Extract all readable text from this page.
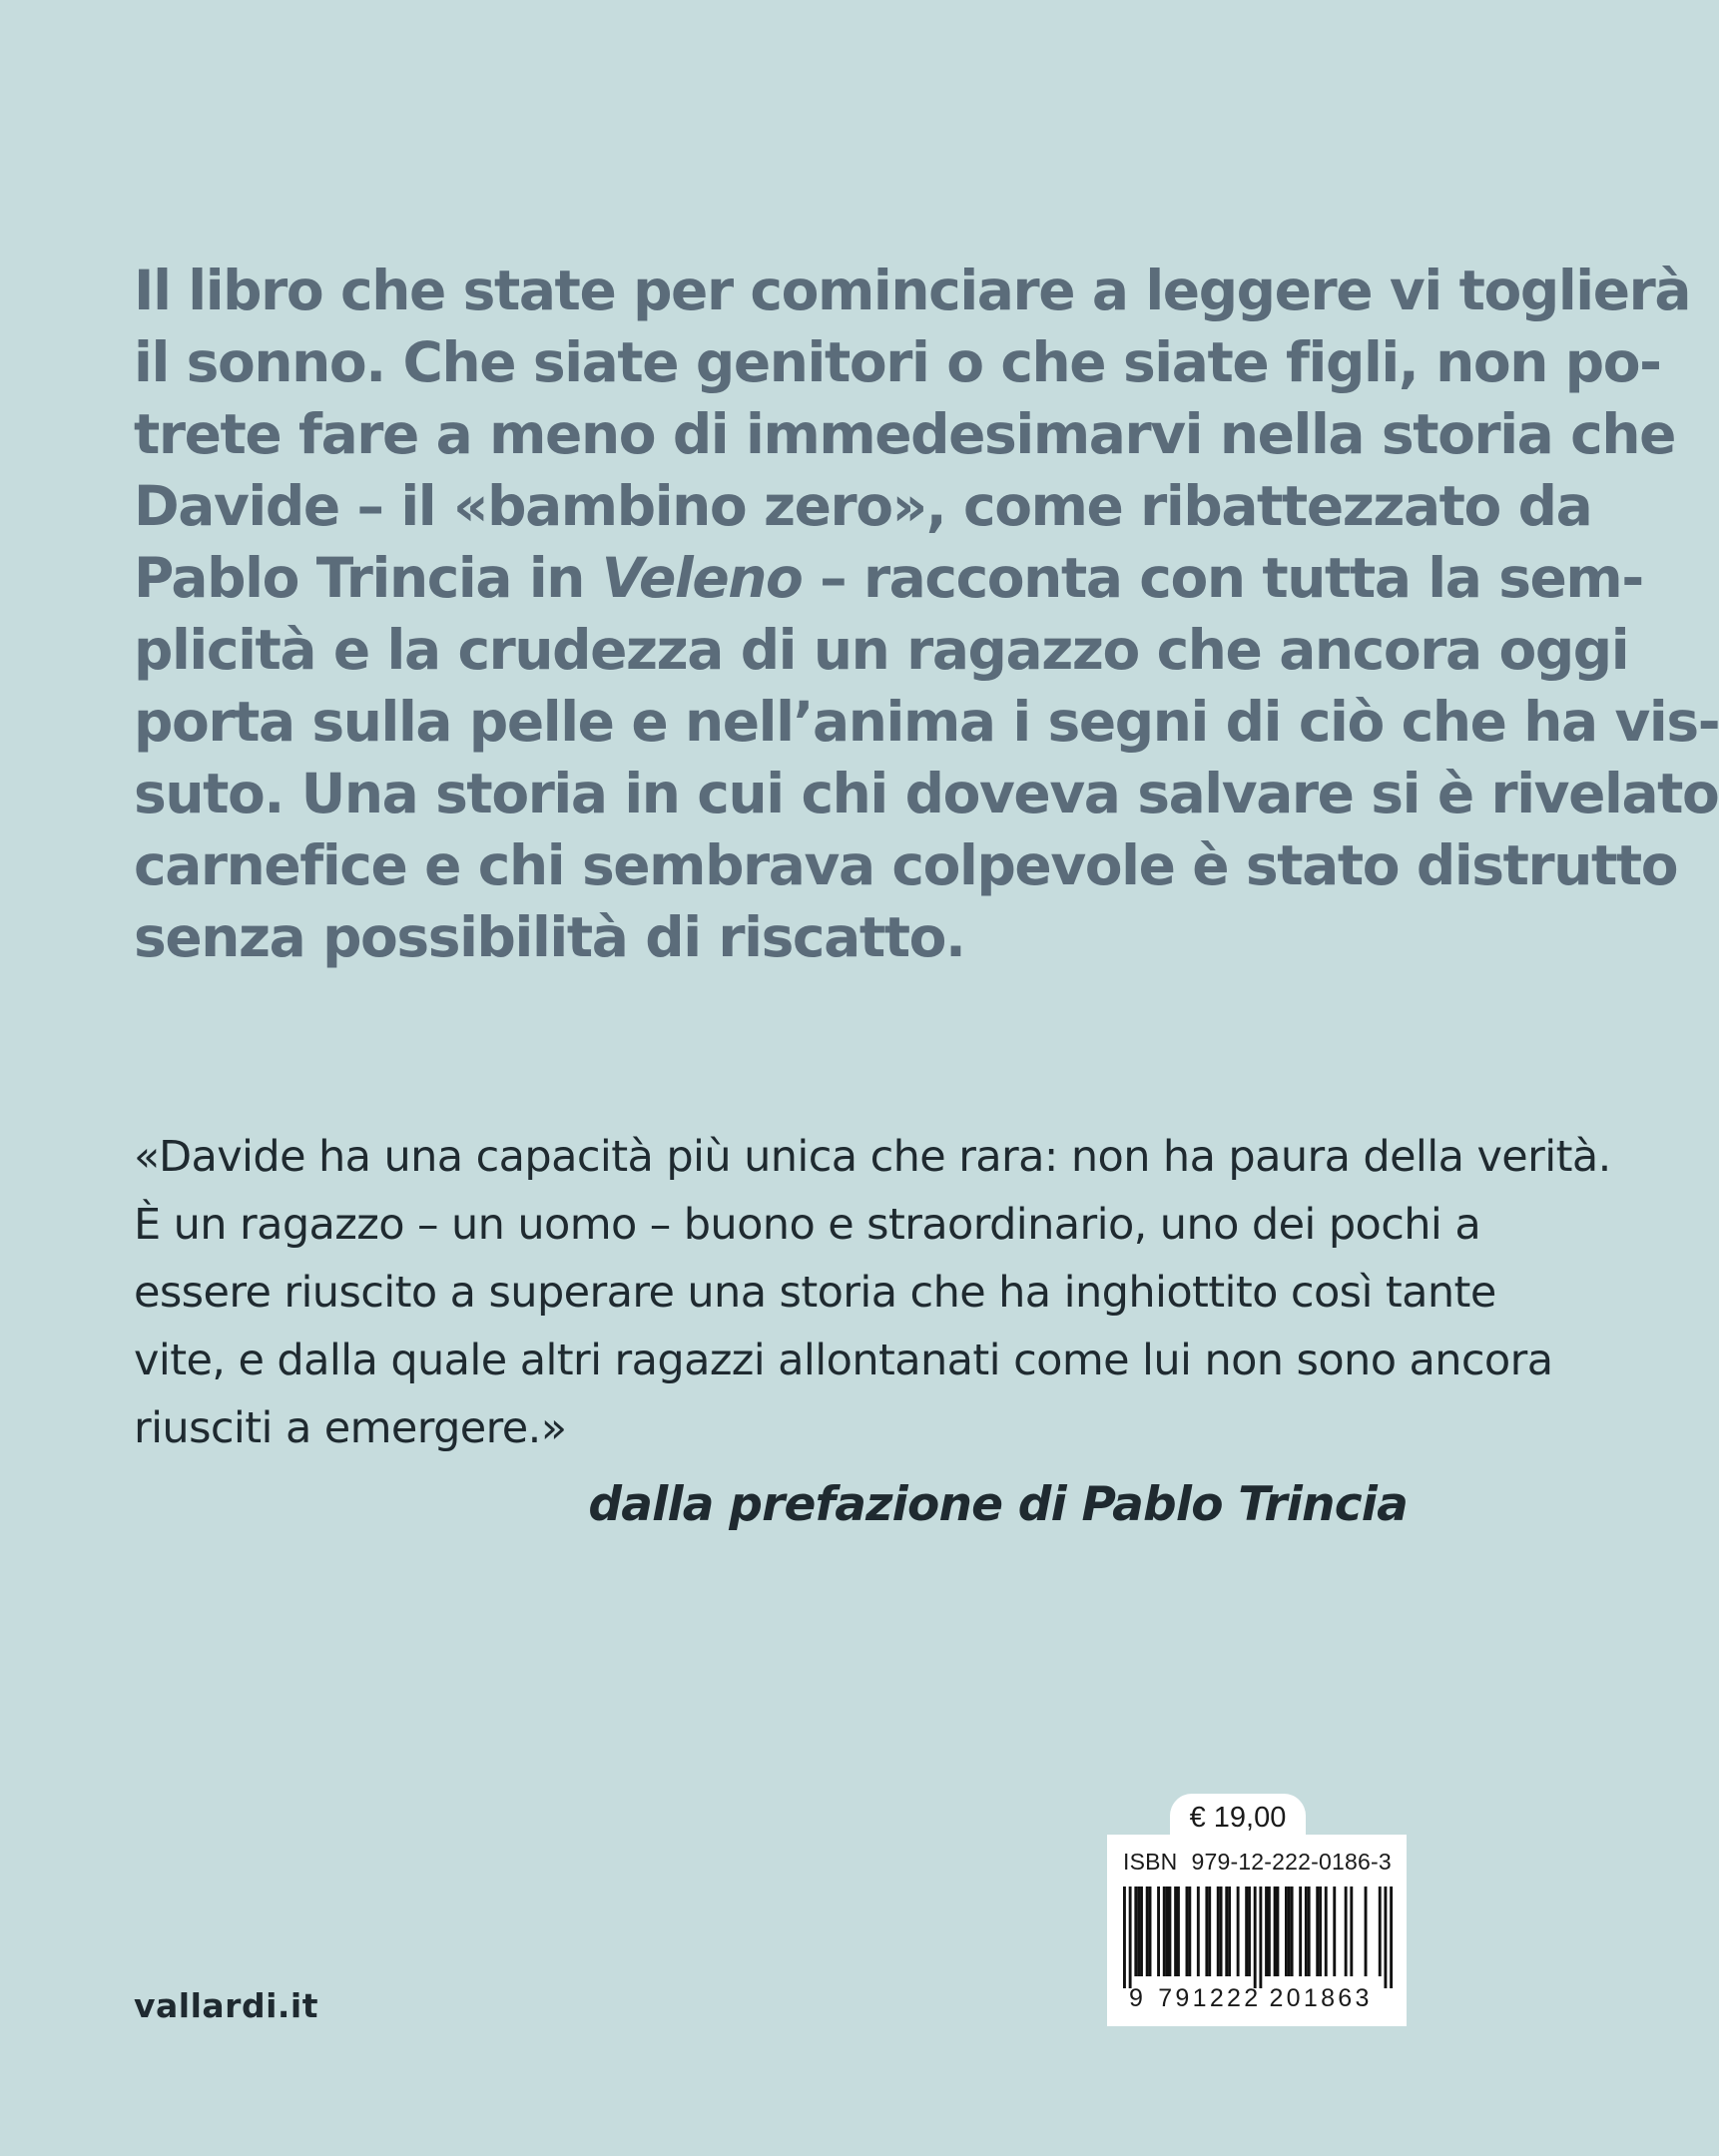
Il libro che state per cominciare a leggere vi toglierà
il sonno. Che siate genitori o che siate figli, non po-
trete fare a meno di immedesimarvi nella storia che
Davide – il «bambino zero», come ribattezzato da
Pablo Trincia in Veleno – racconta con tutta la sem-
plicità e la crudezza di un ragazzo che ancora oggi
porta sulla pelle e nell’anima i segni di ciò che ha vis-
suto. Una storia in cui chi doveva salvare si è rivelato
carnefice e chi sembrava colpevole è stato distrutto
senza possibilità di riscatto.
«Davide ha una capacità più unica che rara: non ha paura della verità.
È un ragazzo – un uomo – buono e straordinario, uno dei pochi a
essere riuscito a superare una storia che ha inghiottito così tante
vite, e dalla quale altri ragazzi allontanati come lui non sono ancora
riusciti a emergere.»
dalla prefazione di Pablo Trincia
vallardi.it
€ 19,00
ISBN 979-12-222-0186-3
9 791222 201863
